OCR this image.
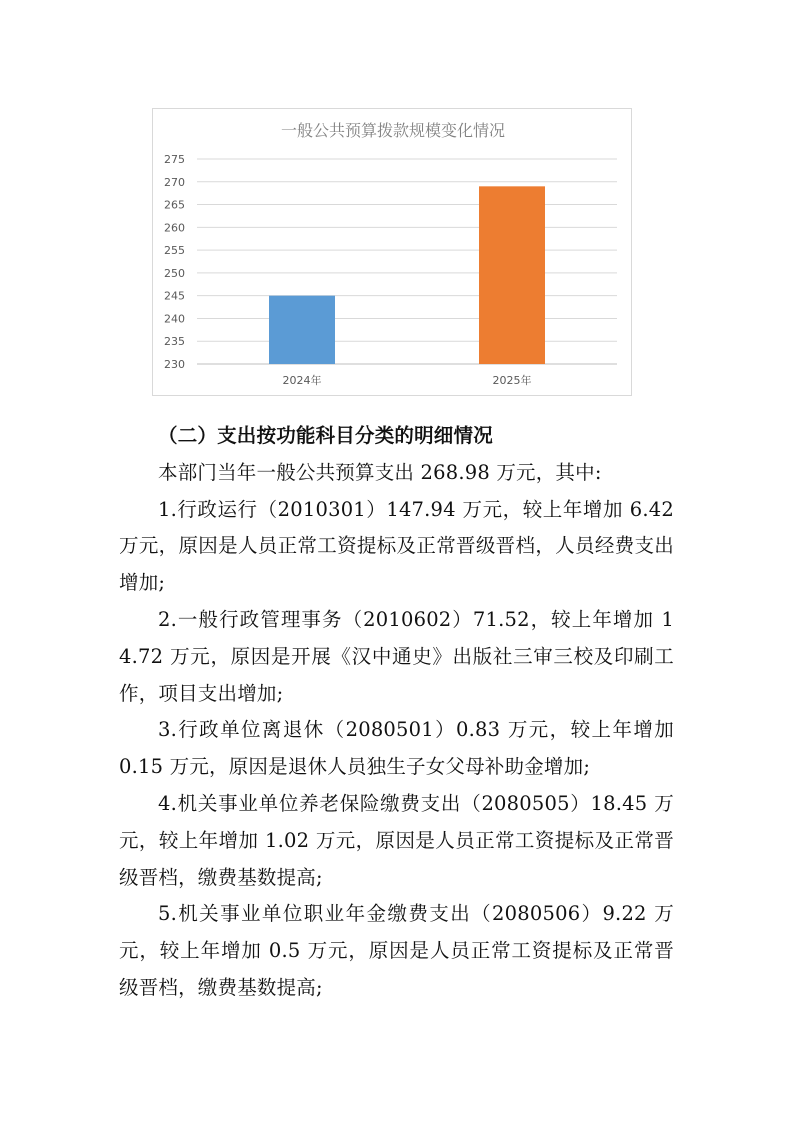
一般公共预算拨款规模变化情况
230
235
240
245
250
255
260
265
270
275
2024年	2025年

（二）支出按功能科目分类的明细情况

本部门当年一般公共预算支出 268.98 万元，其中:

1.行政运行（2010301）147.94 万元，较上年增加 6.42 万元，原因是人员正常工资提标及正常晋级晋档，人员经费支出增加;

2.一般行政管理事务（2010602）71.52，较上年增加 14.72 万元，原因是开展《汉中通史》出版社三审三校及印刷工作，项目支出增加;

3.行政单位离退休（2080501）0.83 万元，较上年增加 0.15 万元，原因是退休人员独生子女父母补助金增加;

4.机关事业单位养老保险缴费支出（2080505）18.45 万元，较上年增加 1.02 万元，原因是人员正常工资提标及正常晋级晋档，缴费基数提高;

5.机关事业单位职业年金缴费支出（2080506）9.22 万元，较上年增加 0.5 万元，原因是人员正常工资提标及正常晋级晋档，缴费基数提高;
